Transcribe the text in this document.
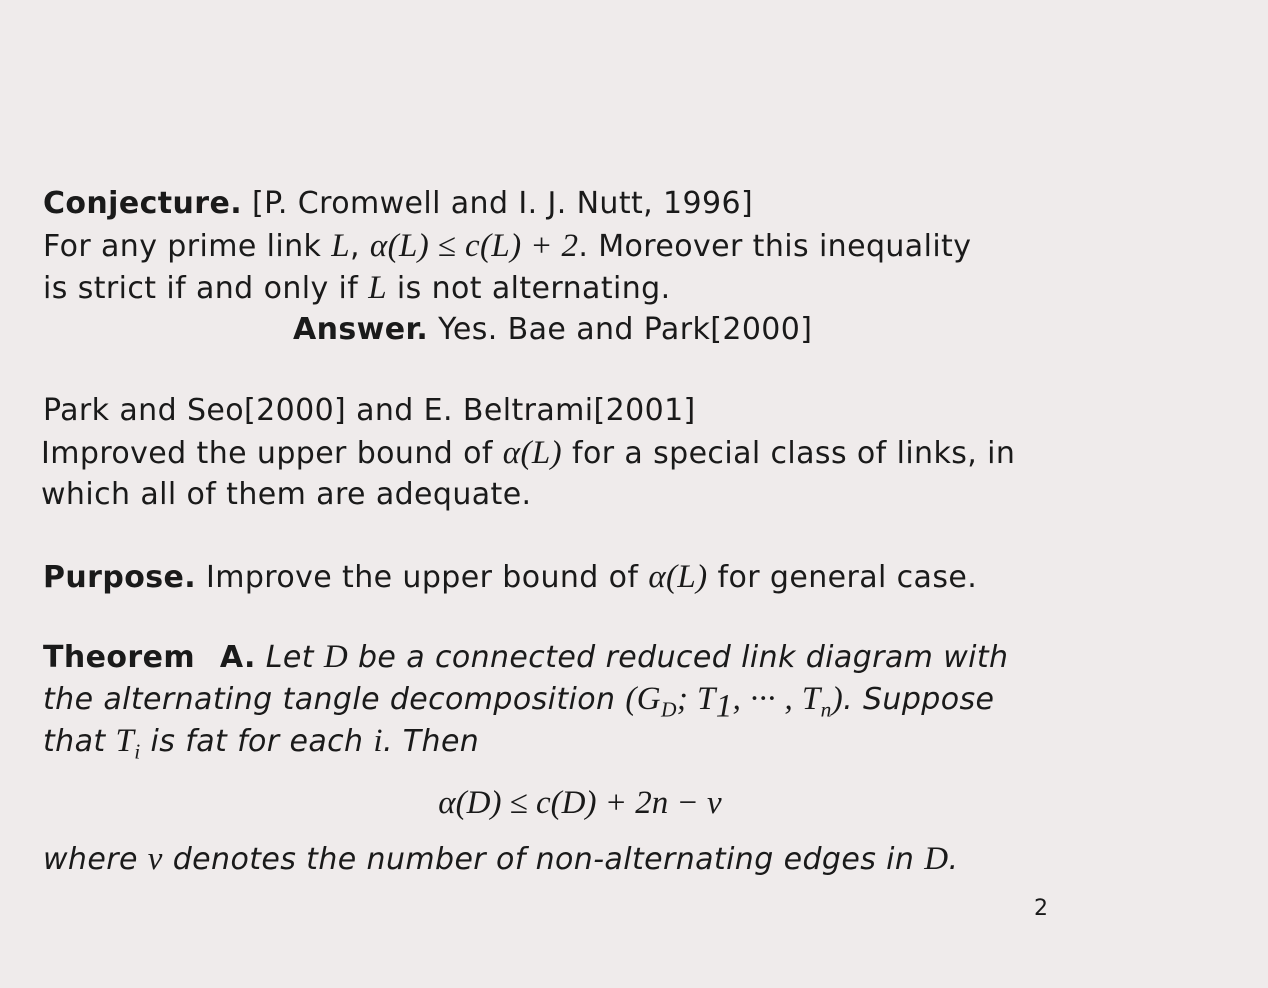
Conjecture. [P. Cromwell and I. J. Nutt, 1996]
For any prime link L, α(L) ≤ c(L) + 2. Moreover this inequality
is strict if and only if L is not alternating.
Answer. Yes. Bae and Park[2000]
Park and Seo[2000] and E. Beltrami[2001]
Improved the upper bound of α(L) for a special class of links, in
which all of them are adequate.
Purpose. Improve the upper bound of α(L) for general case.
Theorem A. Let D be a connected reduced link diagram with
the alternating tangle decomposition ($G_D$; $T_1$, ··· , $T_n$). Suppose
that $T_i$ is fat for each i. Then
α(D) ≤ c(D) + 2n − ν
where ν denotes the number of non-alternating edges in D.
2
